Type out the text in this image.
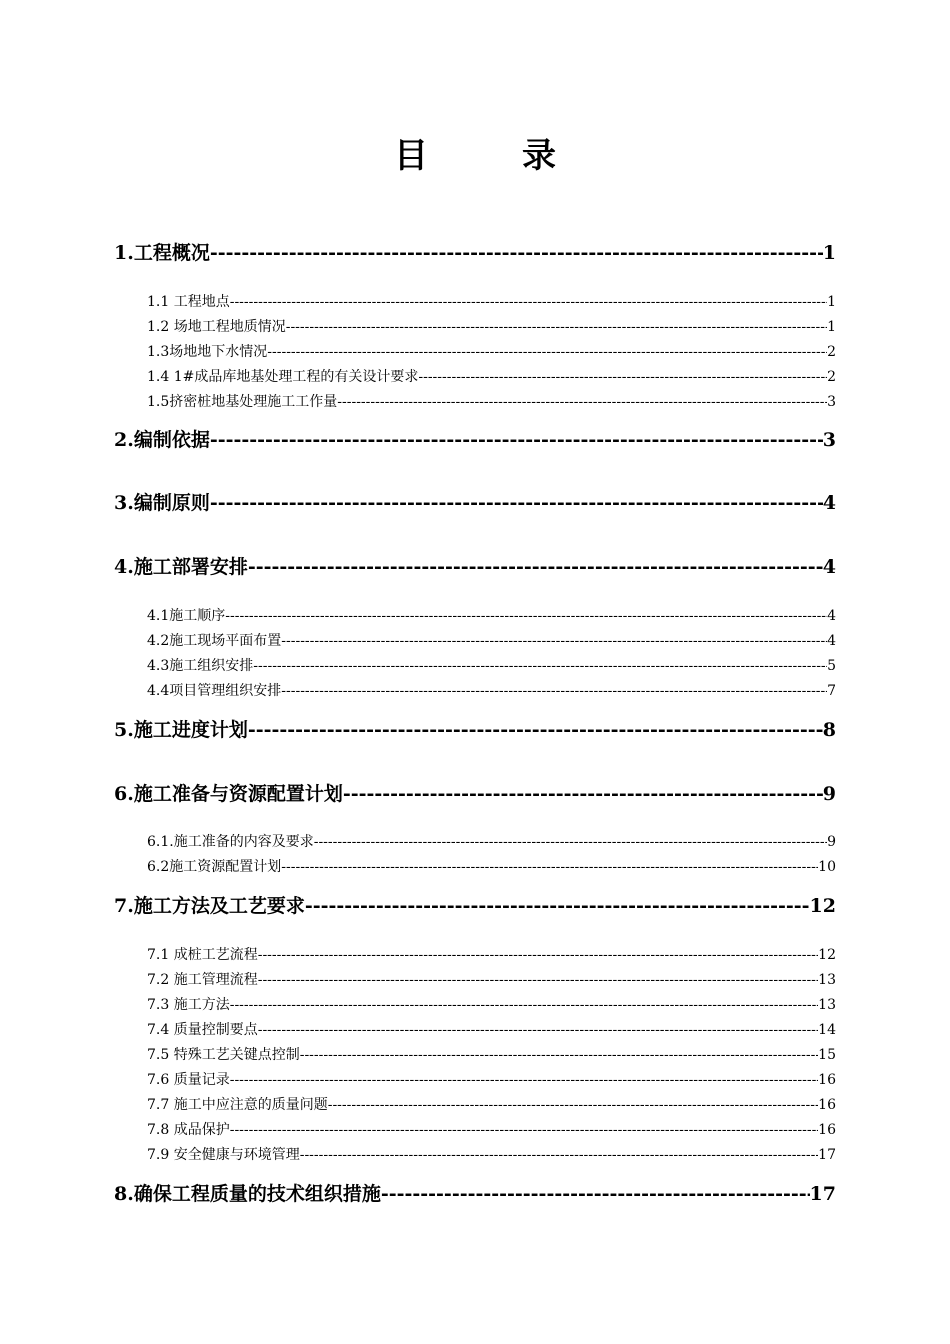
目　录
1.工程概况 -----	1
1.1 工程地点 -----	1
1.2 场地工程地质情况 -----	1
1.3场地地下水情况 -----	2
1.4 1#成品库地基处理工程的有关设计要求 -----	2
1.5挤密桩地基处理施工工作量 -----	3
2.编制依据 -----	3
3.编制原则 -----	4
4.施工部署安排 -----	4
4.1施工顺序 -----	4
4.2施工现场平面布置 -----	4
4.3施工组织安排 -----	5
4.4项目管理组织安排 -----	7
5.施工进度计划 -----	8
6.施工准备与资源配置计划 -----	9
6.1.施工准备的内容及要求 -----	9
6.2施工资源配置计划 -----	10
7.施工方法及工艺要求 -----	12
7.1 成桩工艺流程 -----	12
7.2 施工管理流程 -----	13
7.3 施工方法 -----	13
7.4 质量控制要点 -----	14
7.5 特殊工艺关键点控制 -----	15
7.6 质量记录 -----	16
7.7 施工中应注意的质量问题 -----	16
7.8 成品保护 -----	16
7.9 安全健康与环境管理 -----	17
8.确保工程质量的技术组织措施 -----	17
